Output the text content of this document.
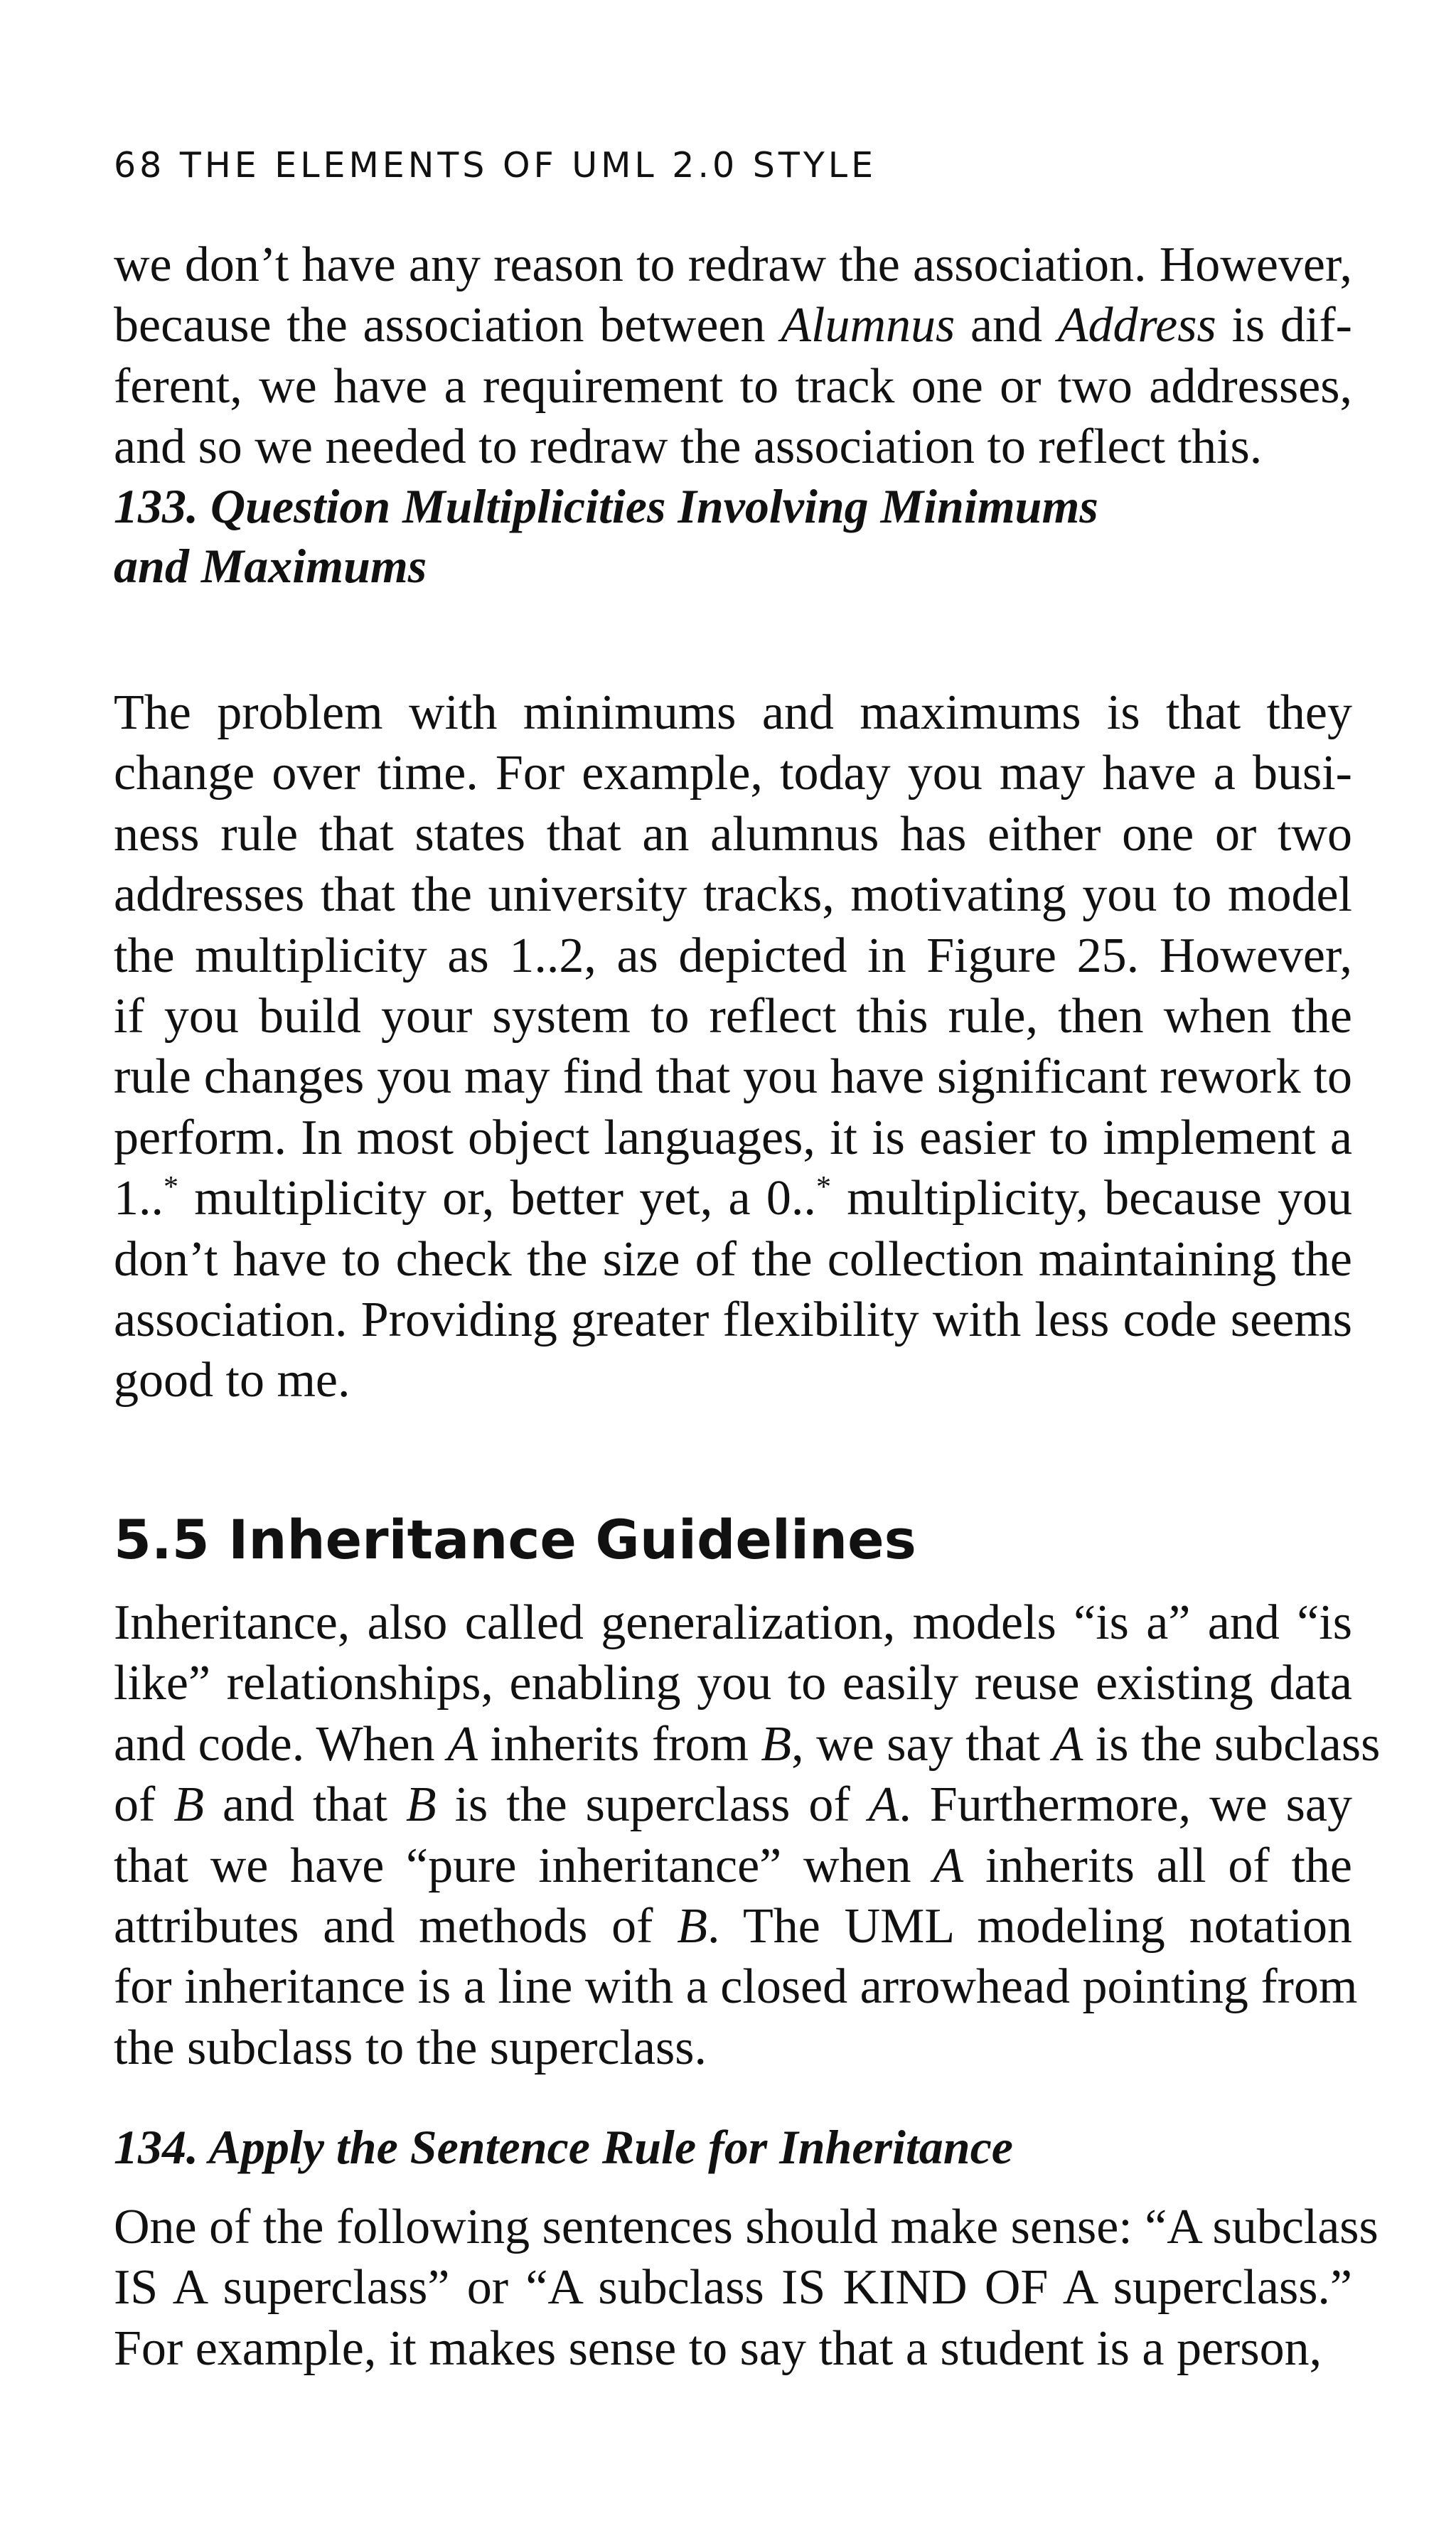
68 THE ELEMENTS OF UML 2.0 STYLE
we don’t have any reason to redraw the association. However,
because the association between Alumnus and Address is dif-
ferent, we have a requirement to track one or two addresses,
and so we needed to redraw the association to reflect this.
133. Question Multiplicities Involving Minimums
and Maximums
The problem with minimums and maximums is that they
change over time. For example, today you may have a busi-
ness rule that states that an alumnus has either one or two
addresses that the university tracks, motivating you to model
the multiplicity as 1..2, as depicted in Figure 25. However,
if you build your system to reflect this rule, then when the
rule changes you may find that you have significant rework to
perform. In most object languages, it is easier to implement a
1..* multiplicity or, better yet, a 0..* multiplicity, because you
don’t have to check the size of the collection maintaining the
association. Providing greater flexibility with less code seems
good to me.
5.5 Inheritance Guidelines
Inheritance, also called generalization, models “is a” and “is
like” relationships, enabling you to easily reuse existing data
and code. When A inherits from B, we say that A is the subclass
of B and that B is the superclass of A. Furthermore, we say
that we have “pure inheritance” when A inherits all of the
attributes and methods of B. The UML modeling notation
for inheritance is a line with a closed arrowhead pointing from
the subclass to the superclass.
134. Apply the Sentence Rule for Inheritance
One of the following sentences should make sense: “A subclass
IS A superclass” or “A subclass IS KIND OF A superclass.”
For example, it makes sense to say that a student is a person,
